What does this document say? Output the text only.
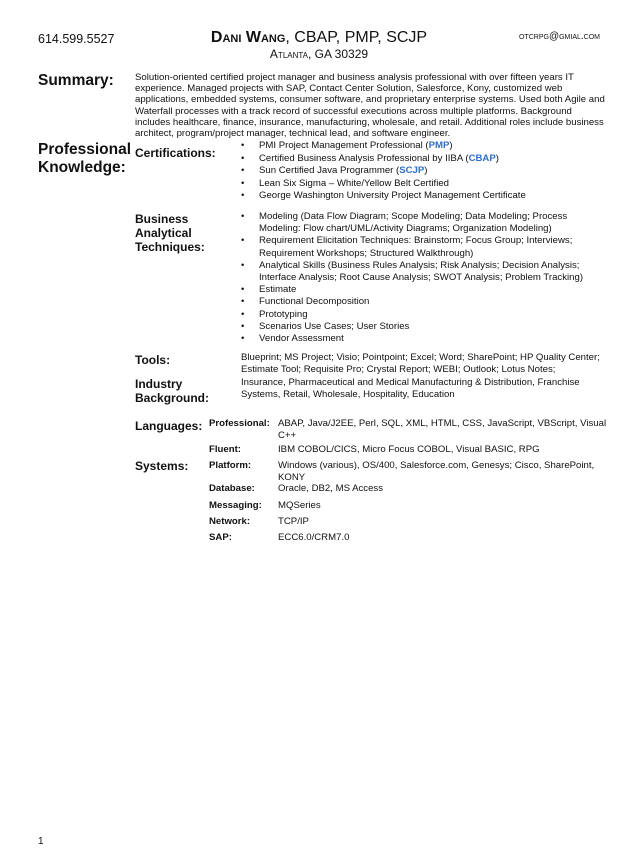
614.599.5527	Dani Wang, CBAP, PMP, SCJP	otcrpg@gmial.com
Atlanta, GA 30329
Summary: Solution-oriented certified project manager and business analysis professional with over fifteen years IT experience. Managed projects with SAP, Contact Center Solution, Salesforce, Kony, customized web applications, embedded systems, consumer software, and proprietary enterprise systems. Used both Agile and Waterfall processes with a track record of successful executions across multiple platforms. Background includes healthcare, finance, insurance, manufacturing, wholesale, and retail. Additional roles include business architect, program/project manager, technical lead, and software engineer.
Professional
Knowledge:
Certifications:
• PMI Project Management Professional (PMP)
• Certified Business Analysis Professional by IIBA (CBAP)
• Sun Certified Java Programmer (SCJP)
• Lean Six Sigma – White/Yellow Belt Certified
• George Washington University Project Management Certificate
Business
Analytical
Techniques:
• Modeling (Data Flow Diagram; Scope Modeling; Data Modeling; Process Modeling: Flow chart/UML/Activity Diagrams; Organization Modeling)
• Requirement Elicitation Techniques: Brainstorm; Focus Group; Interviews; Requirement Workshops; Structured Walkthrough)
• Analytical Skills (Business Rules Analysis; Risk Analysis; Decision Analysis; Interface Analysis; Root Cause Analysis; SWOT Analysis; Problem Tracking)
• Estimate
• Functional Decomposition
• Prototyping
• Scenarios Use Cases; User Stories
• Vendor Assessment
Tools:	Blueprint; MS Project; Visio; Pointpoint; Excel; Word; SharePoint; HP Quality Center; Estimate Tool; Requisite Pro; Crystal Report; WEBI; Outlook; Lotus Notes;
Industry
Background:
Insurance, Pharmaceutical and Medical Manufacturing & Distribution, Franchise Systems, Retail, Wholesale, Hospitality, Education
Languages: Professional: ABAP, Java/J2EE, Perl, SQL, XML, HTML, CSS, JavaScript, VBScript, Visual C++
Fluent:	IBM COBOL/CICS, Micro Focus COBOL, Visual BASIC, RPG
Systems: Platform:	Windows (various), OS/400, Salesforce.com, Genesys; Cisco, SharePoint, KONY
Database: Oracle, DB2, MS Access
Messaging: MQSeries
Network:	TCP/IP
SAP:	ECC6.0/CRM7.0
1
